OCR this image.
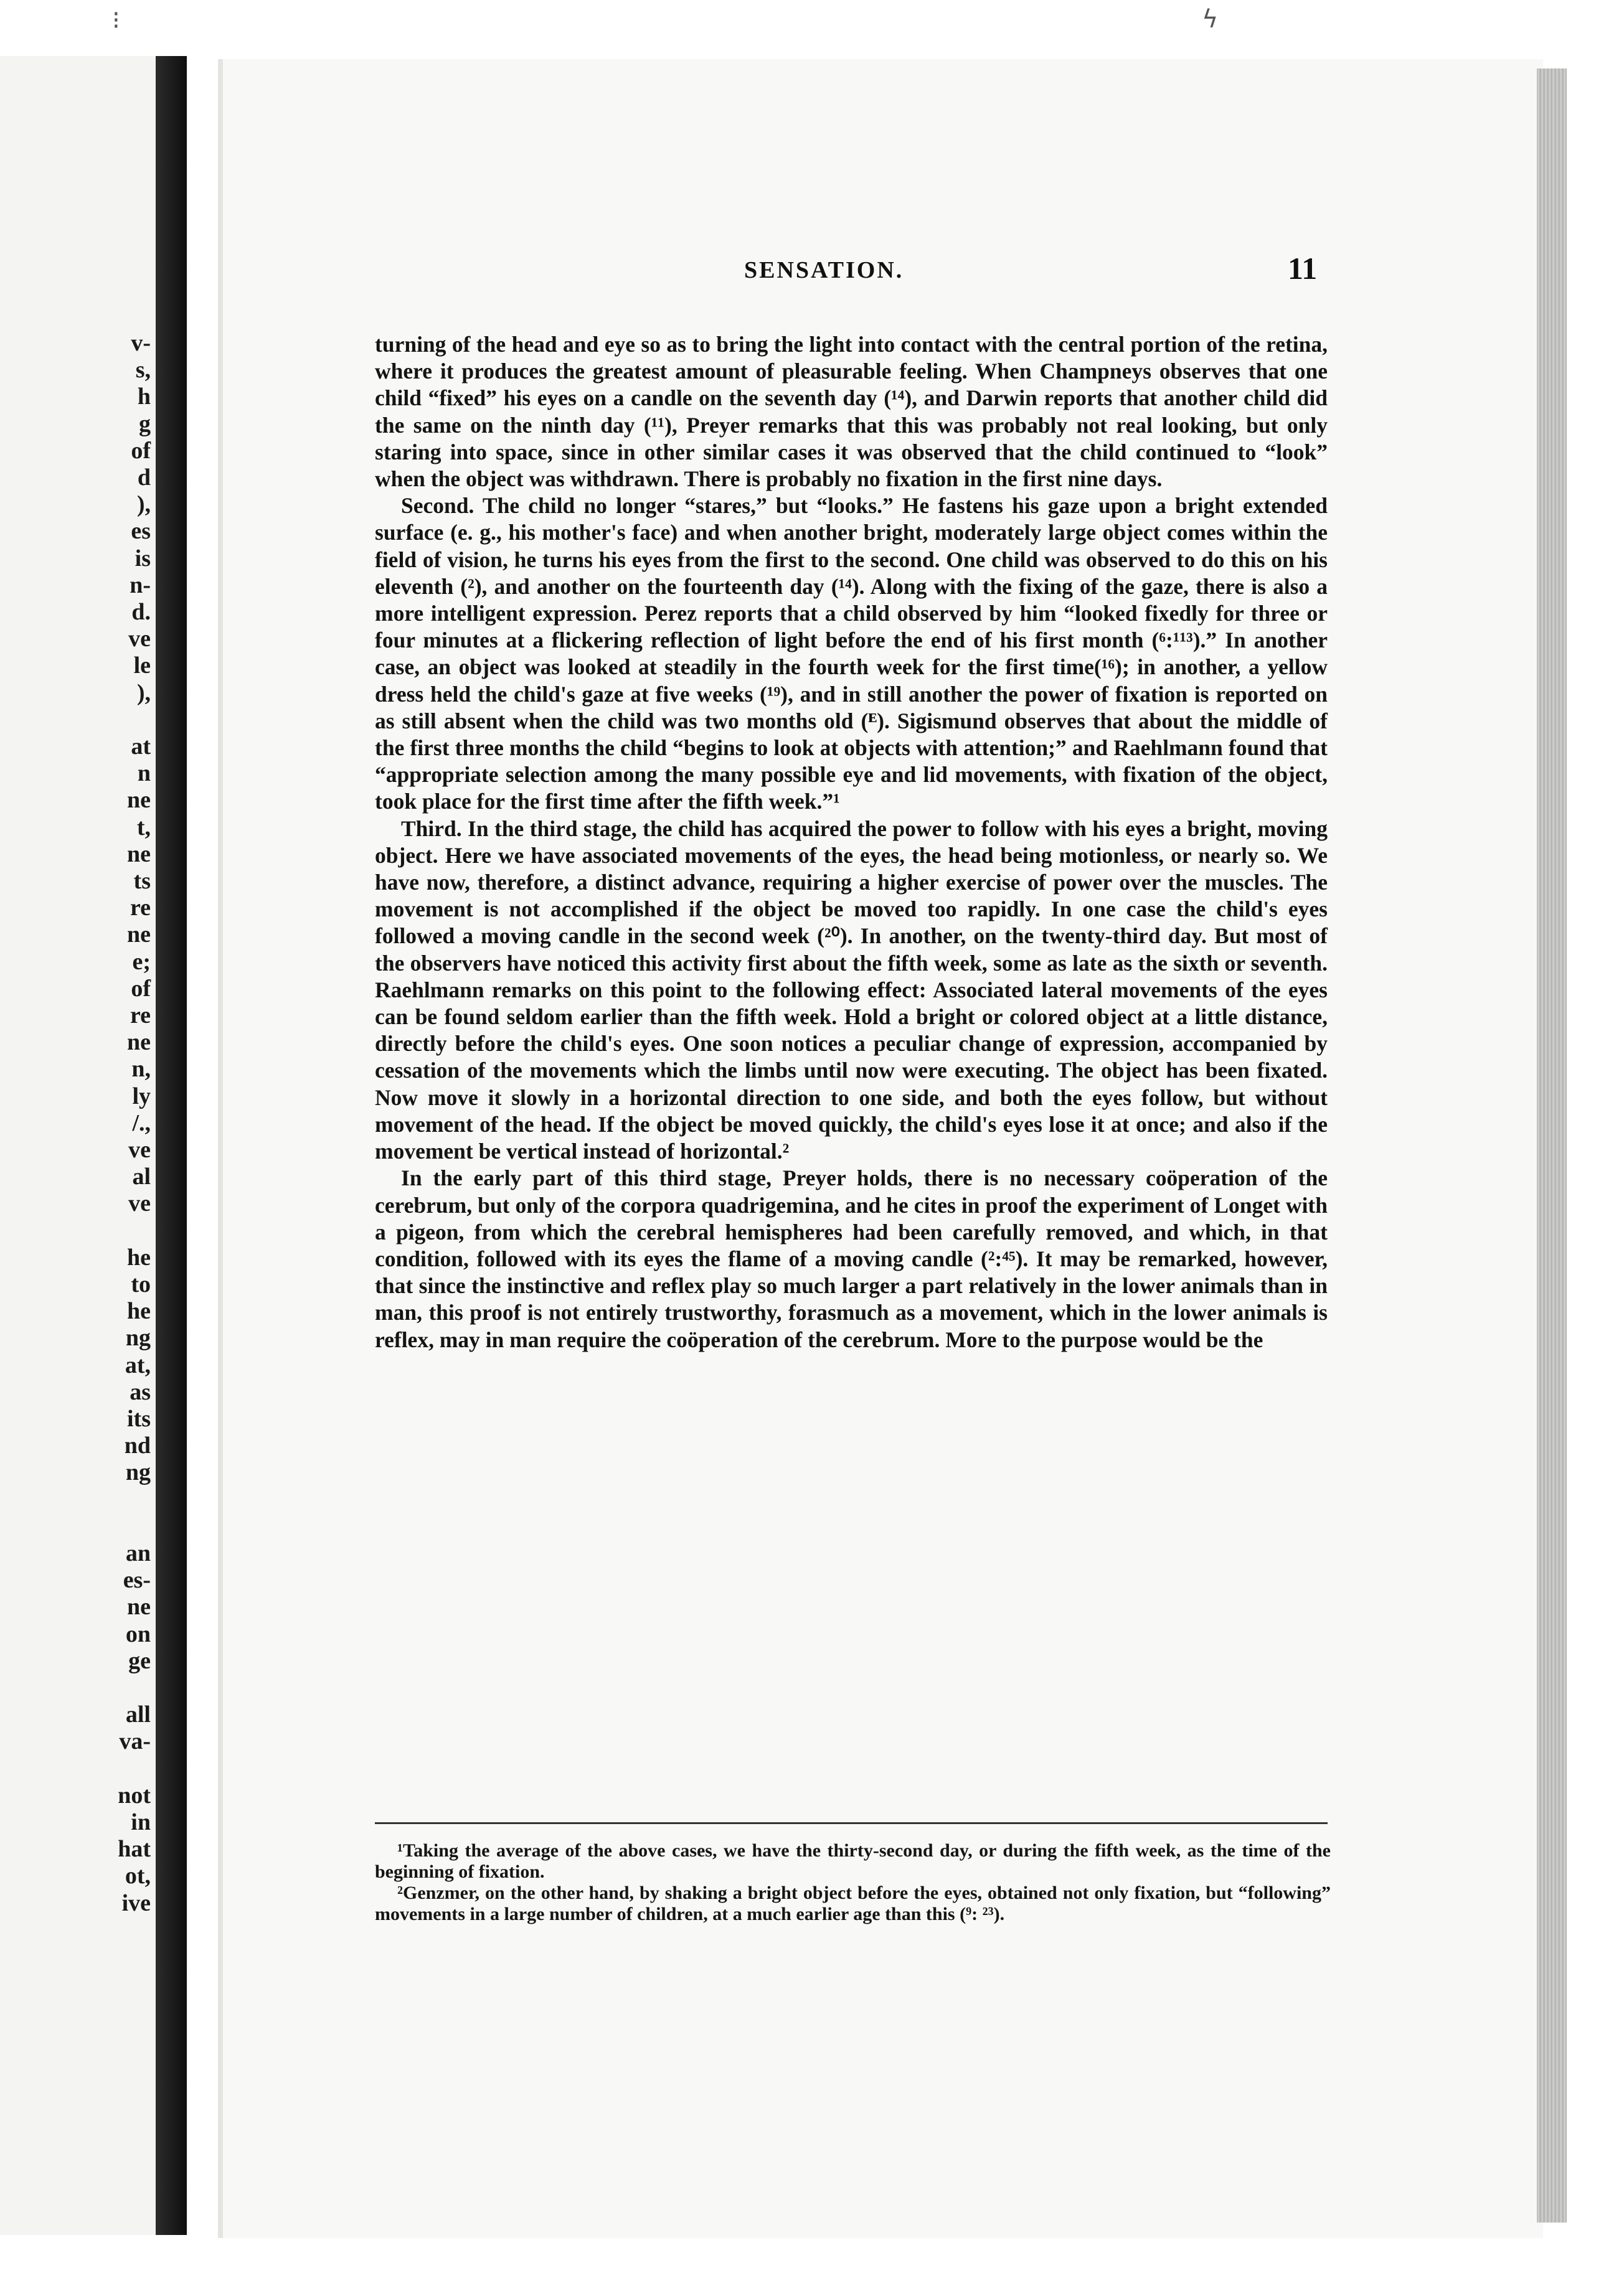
v-
s,
h
g
of
d
),
es
is
n-
d.
ve
le
),
at
n
ne
t,
ne
ts
re
ne
e;
of
re
ne
n,
ly
/.,
ve
al
ve
he
to
he
ng
at,
as
its
nd
ng
an
es-
ne
on
ge
all
va-
not
in
hat
ot,
ive
⁝	ϟ
SENSATION.	11

turning of the head and eye so as to bring the light into contact with the central portion of the retina, where it produces the greatest amount of pleasurable feeling. When Champneys observes that one child “fixed” his eyes on a candle on the seventh day (¹⁴), and Darwin reports that another child did the same on the ninth day (¹¹), Preyer remarks that this was probably not real looking, but only staring into space, since in other similar cases it was observed that the child continued to “look” when the object was withdrawn. There is probably no fixation in the first nine days.

Second. The child no longer “stares,” but “looks.” He fastens his gaze upon a bright extended surface (e. g., his mother's face) and when another bright, moderately large object comes within the field of vision, he turns his eyes from the first to the second. One child was observed to do this on his eleventh (²), and another on the fourteenth day (¹⁴). Along with the fixing of the gaze, there is also a more intelligent expression. Perez reports that a child observed by him “looked fixedly for three or four minutes at a flickering reflection of light before the end of his first month (⁶:¹¹³).” In another case, an object was looked at steadily in the fourth week for the first time(¹⁶); in another, a yellow dress held the child's gaze at five weeks (¹⁹), and in still another the power of fixation is reported on as still absent when the child was two months old (ᴱ). Sigismund observes that about the middle of the first three months the child “begins to look at objects with attention;” and Raehlmann found that “appropriate selection among the many possible eye and lid movements, with fixation of the object, took place for the first time after the fifth week.”¹

Third. In the third stage, the child has acquired the power to follow with his eyes a bright, moving object. Here we have associated movements of the eyes, the head being motionless, or nearly so. We have now, therefore, a distinct advance, requiring a higher exercise of power over the muscles. The movement is not accomplished if the object be moved too rapidly. In one case the child's eyes followed a moving candle in the second week (²⁰). In another, on the twenty-third day. But most of the observers have noticed this activity first about the fifth week, some as late as the sixth or seventh. Raehlmann remarks on this point to the following effect: Associated lateral movements of the eyes can be found seldom earlier than the fifth week. Hold a bright or colored object at a little distance, directly before the child's eyes. One soon notices a peculiar change of expression, accompanied by cessation of the movements which the limbs until now were executing. The object has been fixated. Now move it slowly in a horizontal direction to one side, and both the eyes follow, but without movement of the head. If the object be moved quickly, the child's eyes lose it at once; and also if the movement be vertical instead of horizontal.²

In the early part of this third stage, Preyer holds, there is no necessary coöperation of the cerebrum, but only of the corpora quadrigemina, and he cites in proof the experiment of Longet with a pigeon, from which the cerebral hemispheres had been carefully removed, and which, in that condition, followed with its eyes the flame of a moving candle (²:⁴⁵). It may be remarked, however, that since the instinctive and reflex play so much larger a part relatively in the lower animals than in man, this proof is not entirely trustworthy, forasmuch as a movement, which in the lower animals is reflex, may in man require the coöperation of the cerebrum. More to the purpose would be the

¹Taking the average of the above cases, we have the thirty-second day, or during the fifth week, as the time of the beginning of fixation.

²Genzmer, on the other hand, by shaking a bright object before the eyes, obtained not only fixation, but “following” movements in a large number of children, at a much earlier age than this (⁹: ²³).
